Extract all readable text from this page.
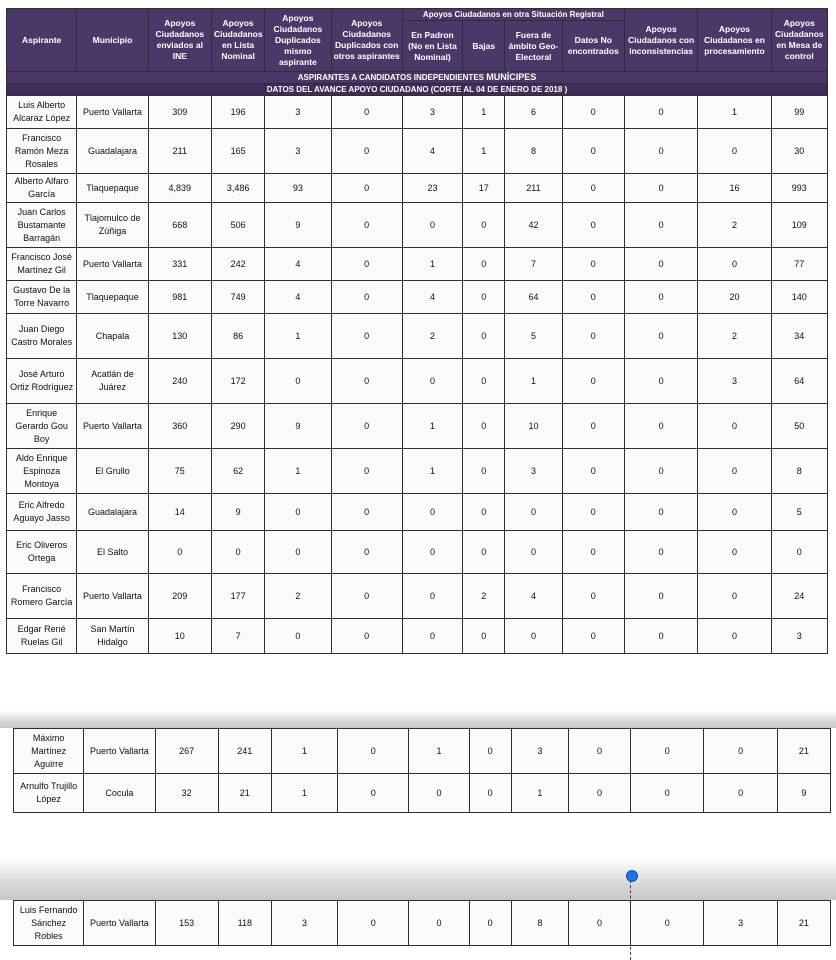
ASPIRANTES A CANDIDATOS INDEPENDIENTES MUNÍCIPES												
DATOS DEL AVANCE APOYO CIUDADANO (CORTE AL 04 DE ENERO DE 2018 )												
Aspirante	Municipio	Apoyos Ciudadanos enviados al INE	Apoyos Ciudadanos en Lista Nominal	Apoyos Ciudadanos Duplicados mismo aspirante	Apoyos Ciudadanos Duplicados con otros aspirantes	Apoyos Ciudadanos en otra Situación Registral				Apoyos Ciudadanos con inconsistencias	Apoyos Ciudadanos en procesamiento	Apoyos Ciudadanos en Mesa de control
						En Padron (No en Lista Nominal)	Bajas	Fuera de ámbito Geo-Electoral	Datos No encontrados			
Luis Alberto Alcaraz López	Puerto Vallarta	309	196	3	0	3	1	6	0	0	1	99
Francisco Ramón Meza Rosales	Guadalajara	211	165	3	0	4	1	8	0	0	0	30
Alberto Alfaro García	Tlaquepaque	4,839	3,486	93	0	23	17	211	0	0	16	993
Juan Carlos Bustamante Barragán	Tlajomulco de Zúñiga	668	506	9	0	0	0	42	0	0	2	109
Francisco José Martínez Gil	Puerto Vallarta	331	242	4	0	1	0	7	0	0	0	77
Gustavo De la Torre Navarro	Tlaquepaque	981	749	4	0	4	0	64	0	0	20	140
Juan Diego Castro Morales	Chapala	130	86	1	0	2	0	5	0	0	2	34
José Arturo Ortiz Rodríguez	Acatlán de Juárez	240	172	0	0	0	0	1	0	0	3	64
Enrique Gerardo Gou Boy	Puerto Vallarta	360	290	9	0	1	0	10	0	0	0	50
Aldo Enrique Espinoza Montoya	El Grullo	75	62	1	0	1	0	3	0	0	0	8
Eric Alfredo Aguayo Jasso	Guadalajara	14	9	0	0	0	0	0	0	0	0	5
Eric Oliveros Ortega	El Salto	0	0	0	0	0	0	0	0	0	0	0
Francisco Romero García	Puerto Vallarta	209	177	2	0	0	2	4	0	0	0	24
Edgar René Ruelas Gil	San Martín Hidalgo	10	7	0	0	0	0	0	0	0	0	3
Máximo Martínez Aguirre	Puerto Vallarta	267	241	1	0	1	0	3	0	0	0	21
Arnulfo Trujillo López	Cocula	32	21	1	0	0	0	1	0	0	0	9
Luis Fernando Sánchez Robles	Puerto Vallarta	153	118	3	0	0	0	8	0	0	3	21
